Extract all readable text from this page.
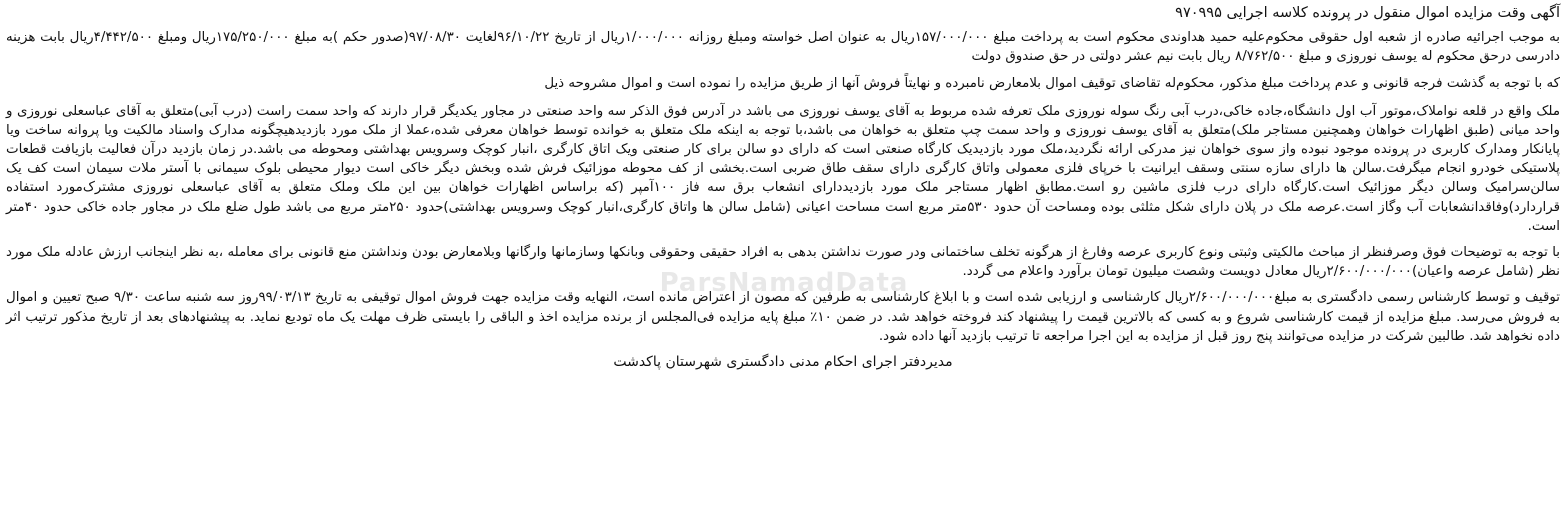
ParsNamadData
آگهی وقت مزایده اموال منقول در پرونده کلاسه اجرایی ۹۷۰۹۹۵
به موجب اجرائیه صادره از شعبه اول حقوقی محکوم‌علیه حمید هداوندی محکوم است به پرداخت مبلغ ۱۵۷/۰۰۰/۰۰۰ریال به عنوان اصل خواسته ومبلغ روزانه ۱/۰۰۰/۰۰۰ریال از تاریخ ۹۶/۱۰/۲۲لغایت ۹۷/۰۸/۳۰(صدور حکم )به مبلغ ۱۷۵/۲۵۰/۰۰۰ریال ومبلغ ۴/۴۴۲/۵۰۰ریال بابت هزینه دادرسی درحق محکوم له یوسف نوروزی و مبلغ ۸/۷۶۲/۵۰۰ ریال بابت نیم عشر دولتی در حق صندوق دولت
که با توجه به گذشت فرجه قانونی و عدم پرداخت مبلغ مذکور، محکوم‌له تقاضای توقیف اموال بلامعارض نامبرده و نهایتاً فروش آنها از طریق مزایده را نموده است و اموال مشروحه ذیل
ملک واقع در قلعه نواملاک،موتور آب اول دانشگاه،جاده خاکی،درب آبی رنگ سوله نوروزی ملک تعرفه شده مربوط به آقای یوسف نوروزی می باشد در آدرس فوق الذکر سه واحد صنعتی در مجاور یکدیگر قرار دارند که واحد سمت راست (درب آبی)متعلق به آقای عباسعلی نوروزی و واحد میانی (طبق اظهارات خواهان وهمچنین مستاجر ملک)متعلق به آقای یوسف نوروزی و واحد سمت چپ متعلق به خواهان می باشد،با توجه به اینکه ملک متعلق به خوانده توسط خواهان معرفی شده،عملا از ملک مورد بازدیدهیچگونه مدارک واسناد مالکیت ویا پروانه ساخت ویا پایانکار ومدارک کاربری در پرونده موجود نبوده واز سوی خواهان نیز مدرکی ارائه نگردید،ملک مورد بازدیدیک کارگاه صنعتی است که دارای دو سالن برای کار صنعتی ویک اتاق کارگری ،انبار کوچک وسرویس بهداشتی ومحوطه می باشد.در زمان بازدید درآن فعالیت بازیافت قطعات پلاستیکی خودرو انجام میگرفت.سالن ها دارای سازه سنتی وسقف ایرانیت با خرپای فلزی معمولی واتاق کارگری دارای سقف طاق ضربی است.بخشی از کف محوطه موزائیک فرش شده وبخش دیگر خاکی است دیوار محیطی بلوک سیمانی با آستر ملات سیمان است کف یک سالن‌سرامیک وسالن دیگر موزائیک است.کارگاه دارای درب فلزی ماشین رو است.مطابق اظهار مستاجر ملک مورد بازدیددارای انشعاب برق سه فاز ۱۰۰آمپر (که براساس اظهارات خواهان بین این ملک وملک متعلق به آقای عباسعلی نوروزی مشترک‌مورد استفاده قراردارد)وفاقدانشعابات آب وگاز است.عرصه ملک در پلان دارای شکل مثلثی بوده ومساحت آن حدود ۵۳۰متر مربع است مساحت اعیانی (شامل سالن ها واتاق کارگری،انبار کوچک وسرویس بهداشتی)حدود ۲۵۰متر مربع می باشد طول ضلع ملک در مجاور جاده خاکی حدود ۴۰متر است.
با توجه به توضیحات فوق وصرفنظر از مباحث مالکیتی وثبتی ونوع کاربری عرصه وفارغ از هرگونه تخلف ساختمانی ودر صورت نداشتن بدهی به افراد حقیقی وحقوقی وبانکها وسازمانها وارگانها وبلامعارض بودن ونداشتن منع قانونی برای معامله ،به نظر اینجانب ارزش عادله ملک مورد نظر (شامل عرصه واعیان)۲/۶۰۰/۰۰۰/۰۰۰ریال معادل دویست وشصت میلیون تومان برآورد واعلام می گردد.
توقیف و توسط کارشناس رسمی دادگستری به مبلغ۲/۶۰۰/۰۰۰/۰۰۰ریال کارشناسی و ارزیابی شده است و با ابلاغ کارشناسی به طرفین که مصون از اعتراض مانده است، النهایه وقت مزایده جهت فروش اموال توقیفی به تاریخ ۹۹/۰۳/۱۳روز سه شنبه ساعت ۹/۳۰ صبح تعیین و اموال به فروش می‌رسد. مبلغ مزایده از قیمت کارشناسی شروع و به کسی که بالاترین قیمت را پیشنهاد کند فروخته خواهد شد. در ضمن ۱۰٪ مبلغ پایه مزایده فی‌المجلس از برنده مزایده اخذ و الباقی را بایستی ظرف مهلت یک ماه تودیع نماید. به پیشنهادهای بعد از تاریخ مذکور ترتیب اثر داده نخواهد شد. طالبین شرکت در مزایده می‌توانند پنج روز قبل از مزایده به این اجرا مراجعه تا ترتیب بازدید آنها داده شود.
مدیردفتر اجرای احکام مدنی دادگستری شهرستان پاکدشت
